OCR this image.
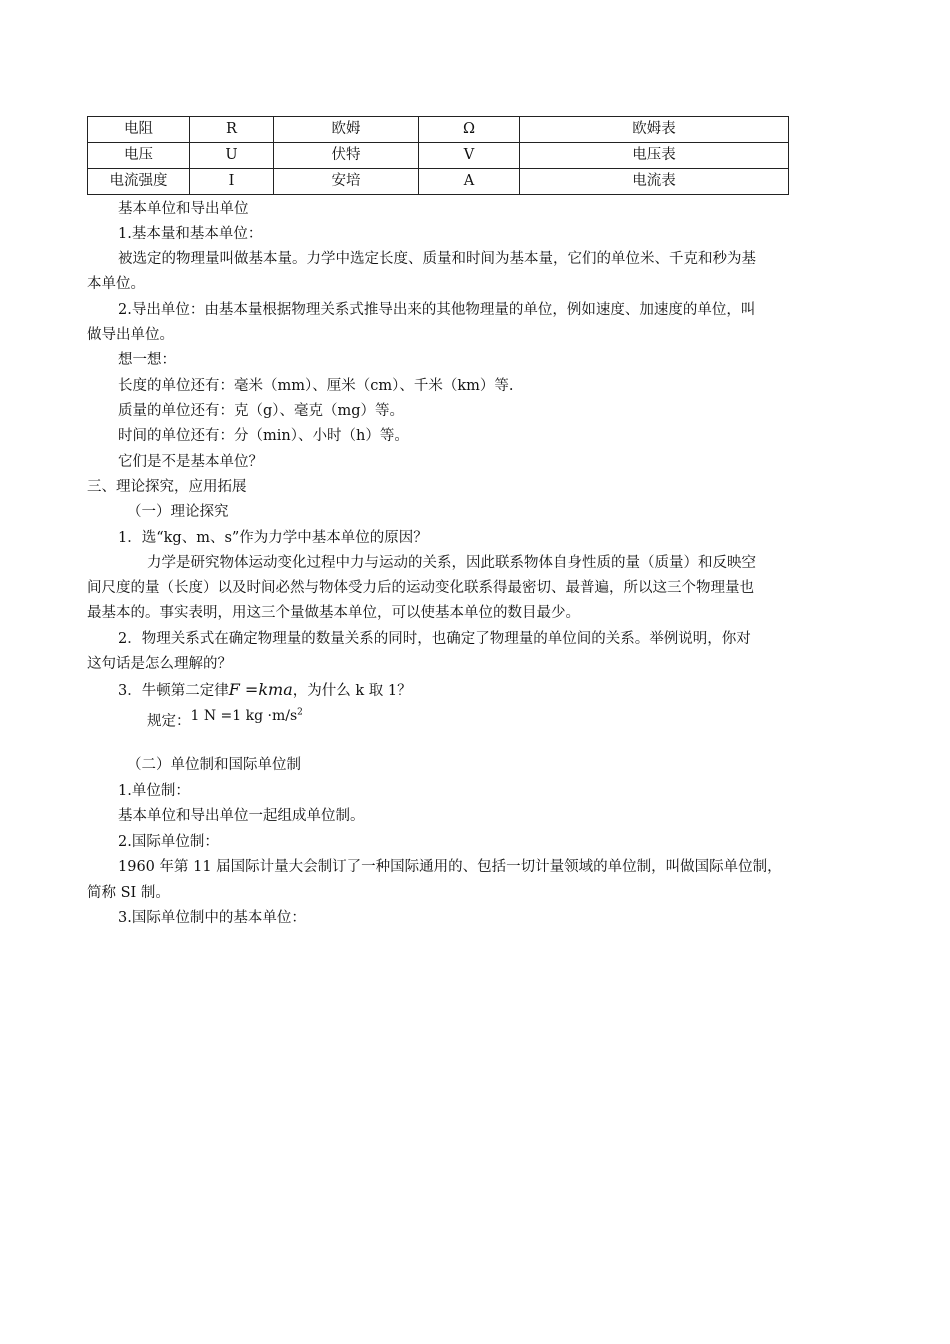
电阻	R	欧姆	Ω	欧姆表
电压	U	伏特	V	电压表
电流强度	I	安培	A	电流表
基本单位和导出单位
1.基本量和基本单位：
被选定的物理量叫做基本量。力学中选定长度、质量和时间为基本量，它们的单位米、千克和秒为基
本单位。
2.导出单位：由基本量根据物理关系式推导出来的其他物理量的单位，例如速度、加速度的单位，叫
做导出单位。
想一想：
长度的单位还有：毫米（mm）、厘米（cm）、千米（km）等.
质量的单位还有：克（g）、毫克（mg）等。
时间的单位还有：分（min）、小时（h）等。
它们是不是基本单位？
三、理论探究，应用拓展
（一）理论探究
1．选“kg、m、s”作为力学中基本单位的原因？
力学是研究物体运动变化过程中力与运动的关系，因此联系物体自身性质的量（质量）和反映空
间尺度的量（长度）以及时间必然与物体受力后的运动变化联系得最密切、最普遍，所以这三个物理量也
最基本的。事实表明，用这三个量做基本单位，可以使基本单位的数目最少。
2．物理关系式在确定物理量的数量关系的同时，也确定了物理量的单位间的关系。举例说明，你对
这句话是怎么理解的？
3．牛顿第二定律F =kma，为什么 k 取 1？
规定：1 N =1 kg $\cdot m/s^2$
（二）单位制和国际单位制
1.单位制：
基本单位和导出单位一起组成单位制。
2.国际单位制：
1960 年第 11 届国际计量大会制订了一种国际通用的、包括一切计量领域的单位制，叫做国际单位制，
简称 SI 制。
3.国际单位制中的基本单位：
